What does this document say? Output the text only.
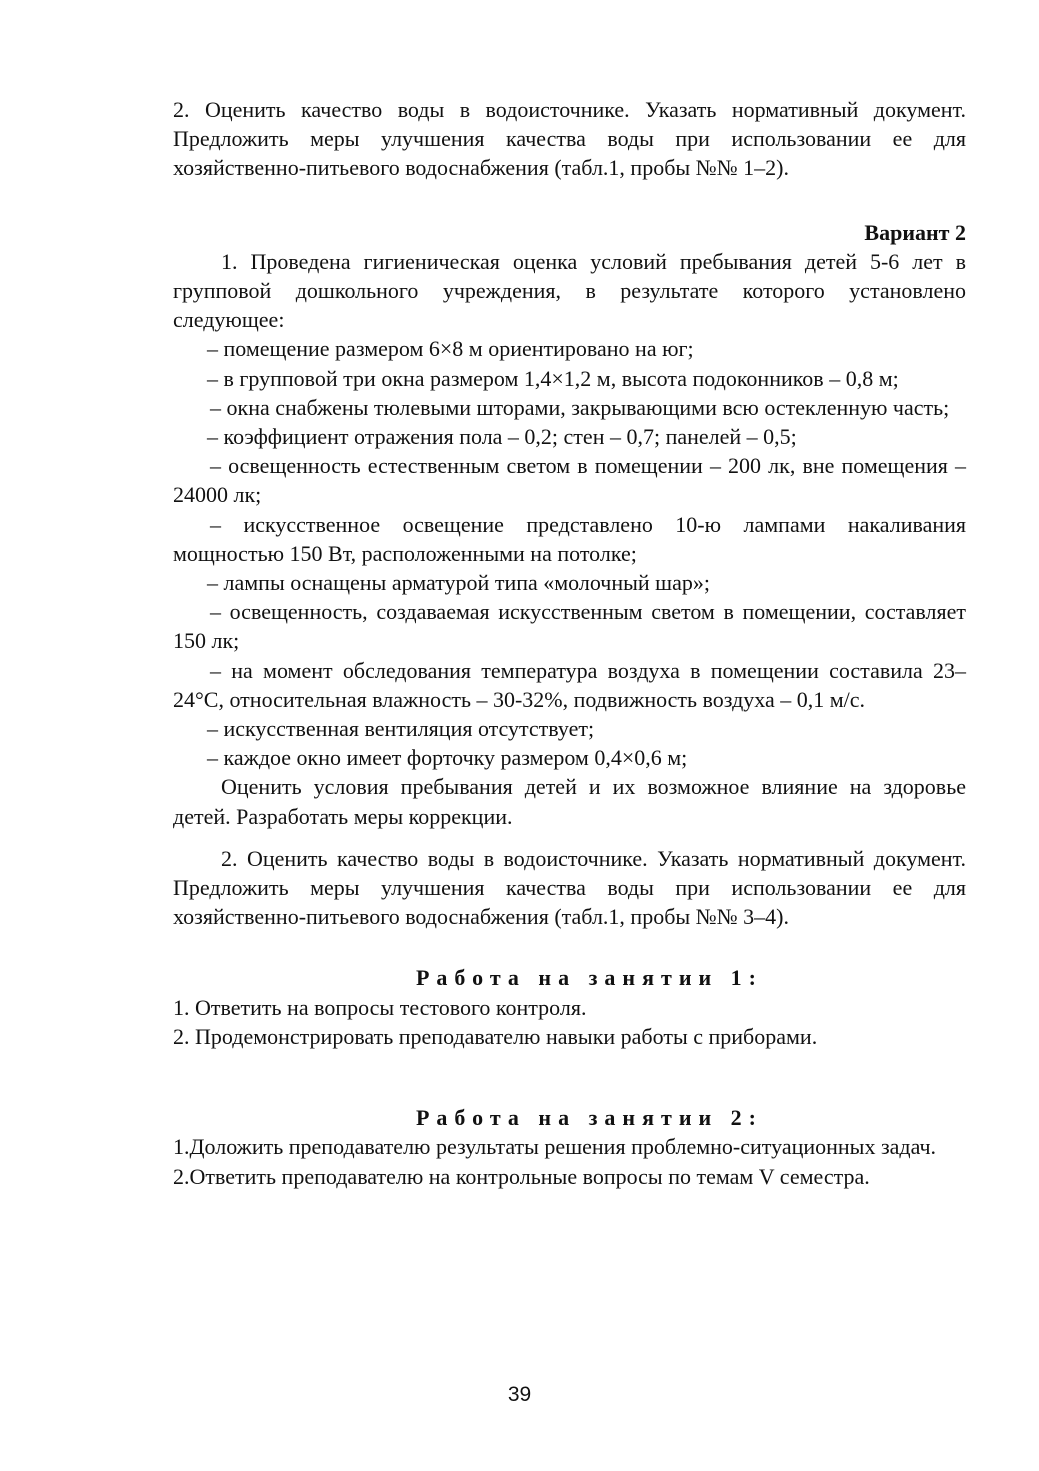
2. Оценить качество воды в водоисточнике. Указать нормативный документ. Предложить меры улучшения качества воды при использовании ее для хозяйственно-питьевого водоснабжения (табл.1, пробы №№ 1–2).

Вариант 2

1. Проведена гигиеническая оценка условий пребывания детей 5-6 лет в групповой дошкольного учреждения, в результате которого установлено следующее:

– помещение размером 6×8 м ориентировано на юг;

– в групповой три окна размером 1,4×1,2 м, высота подоконников – 0,8 м;

– окна снабжены тюлевыми шторами, закрывающими всю остекленную часть;

– коэффициент отражения пола – 0,2; стен – 0,7; панелей – 0,5;

– освещенность естественным светом в помещении – 200 лк, вне помещения – 24000 лк;

– искусственное освещение представлено 10-ю лампами накаливания мощностью 150 Вт, расположенными на потолке;

– лампы оснащены арматурой типа «молочный шар»;

– освещенность, создаваемая искусственным светом в помещении, составляет 150 лк;

– на момент обследования температура воздуха в помещении составила 23–24°С, относительная влажность – 30-32%, подвижность воздуха – 0,1 м/с.

– искусственная вентиляция отсутствует;

– каждое окно имеет форточку размером 0,4×0,6 м;

Оценить условия пребывания детей и их возможное влияние на здоровье детей. Разработать меры коррекции.

2. Оценить качество воды в водоисточнике. Указать нормативный документ. Предложить меры улучшения качества воды при использовании ее для хозяйственно-питьевого водоснабжения (табл.1, пробы №№ 3–4).

Работа на занятии 1:

1. Ответить на вопросы тестового контроля.

2. Продемонстрировать преподавателю навыки работы с приборами.

Работа на занятии 2:

1.Доложить преподавателю результаты решения проблемно-ситуационных задач.

2.Ответить преподавателю на контрольные вопросы по темам V семестра.

39
